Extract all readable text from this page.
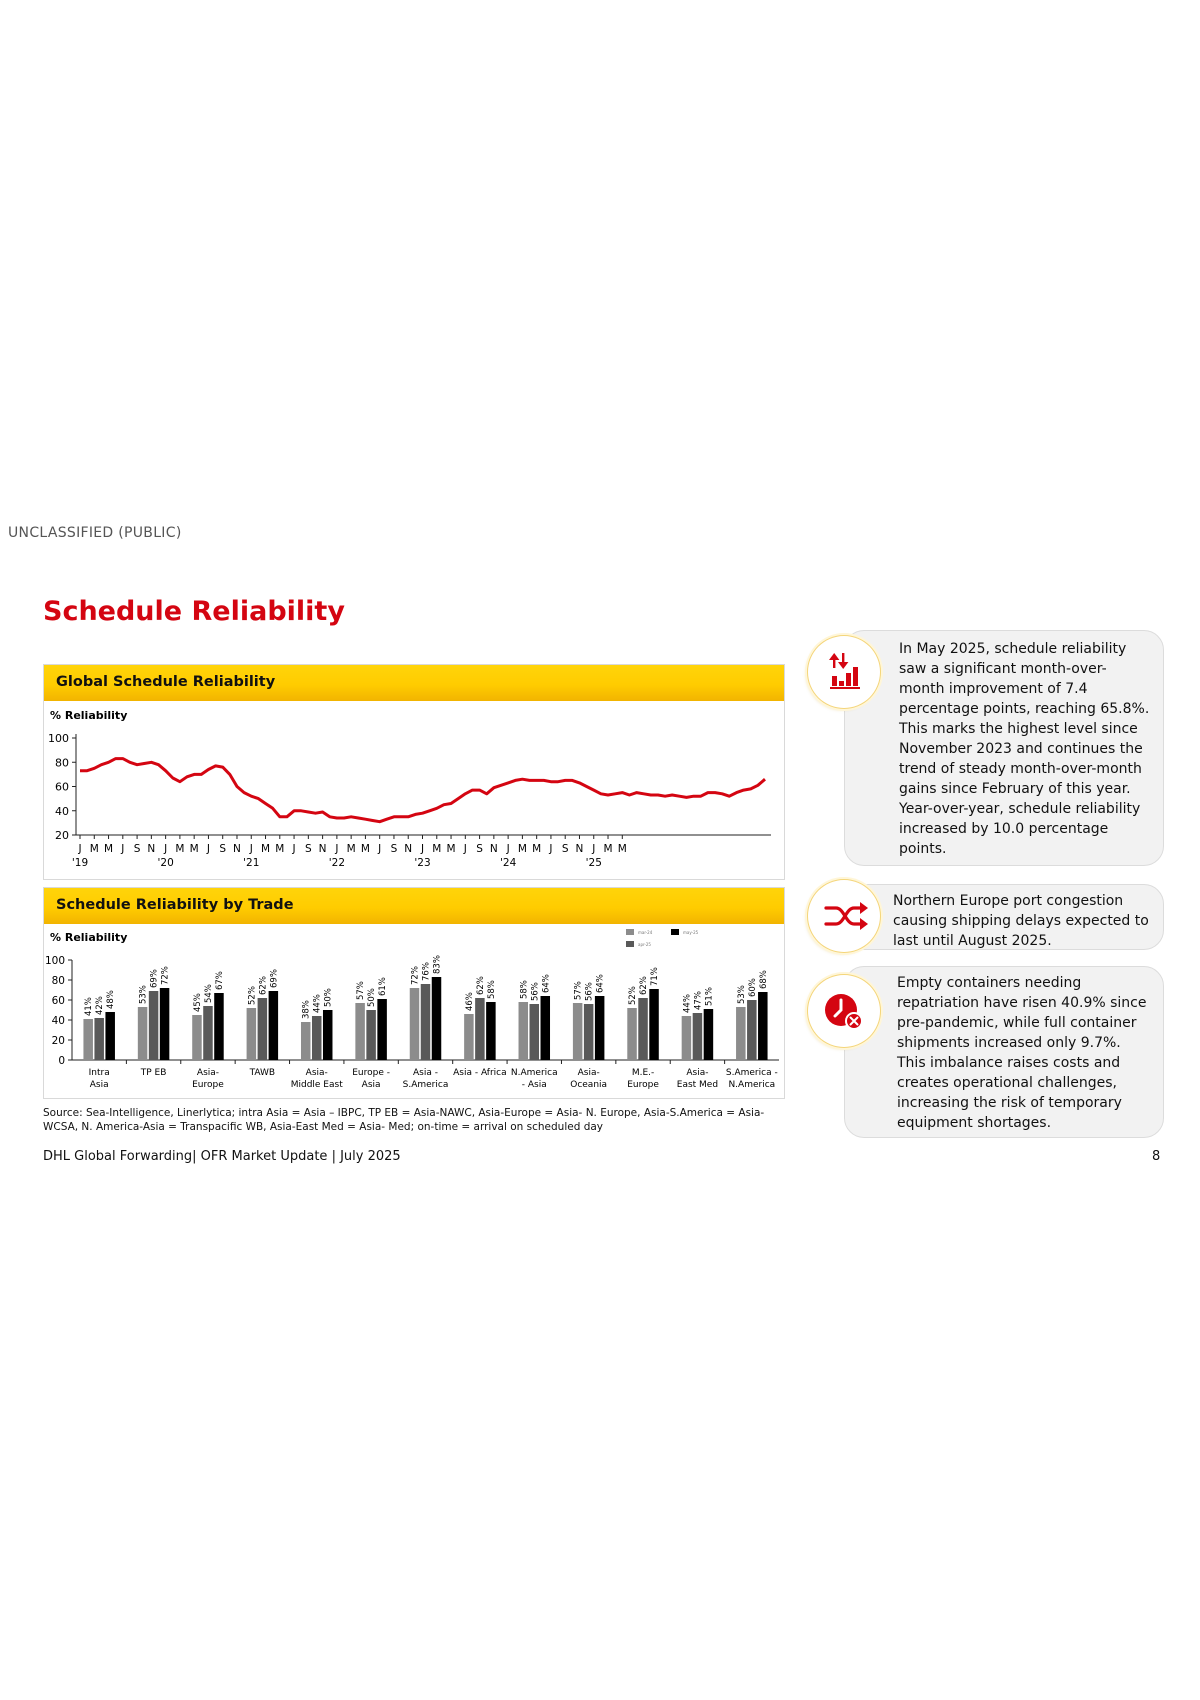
UNCLASSIFIED (PUBLIC)
Schedule Reliability
Global Schedule Reliability
% Reliability
20
40
60
80
100
J M M J S N J M M J S N J M M J S N J M M J S N J M M J S N J M M J S N J M M
'19	'20	'21	'22	'23	'24	'25
Schedule Reliability by Trade
% Reliability	mar-24	may-25
apr-25
0
20
40
60
80
100
41% 42% 48%
Intra
Asia
53%
69% 72%
TP EB
45% 54%
67%
Asia-
Europe
52%
62% 69%
TAWB
38% 44% 50%
Asia-
Middle East
57% 50%
61%
Europe -
Asia
72% 76% 83%
Asia -
S.America
46%
62% 58%
Asia - Africa
58% 56% 64%
N.America
- Asia
57% 56% 64%
Asia-
Oceania
52%
62% 71%
M.E.-
Europe
44% 47% 51%
Asia-
East Med
53% 60% 68%
S.America -
N.America
Source: Sea-Intelligence, Linerlytica; intra Asia = Asia – IBPC, TP EB = Asia-NAWC, Asia-Europe = Asia- N. Europe, Asia-S.America = Asia-WCSA, N. America-Asia = Transpacific WB, Asia-East Med = Asia- Med; on-time = arrival on scheduled day
DHL Global Forwarding| OFR Market Update | July 2025	8
In May 2025, schedule reliability saw a significant month-over-month improvement of 7.4 percentage points, reaching 65.8%. This marks the highest level since November 2023 and continues the trend of steady month-over-month gains since February of this year. Year-over-year, schedule reliability increased by 10.0 percentage points.
Northern Europe port congestion causing shipping delays expected to last until August 2025.
Empty containers needing repatriation have risen 40.9% since pre-pandemic, while full container shipments increased only 9.7%. This imbalance raises costs and creates operational challenges, increasing the risk of temporary equipment shortages.
